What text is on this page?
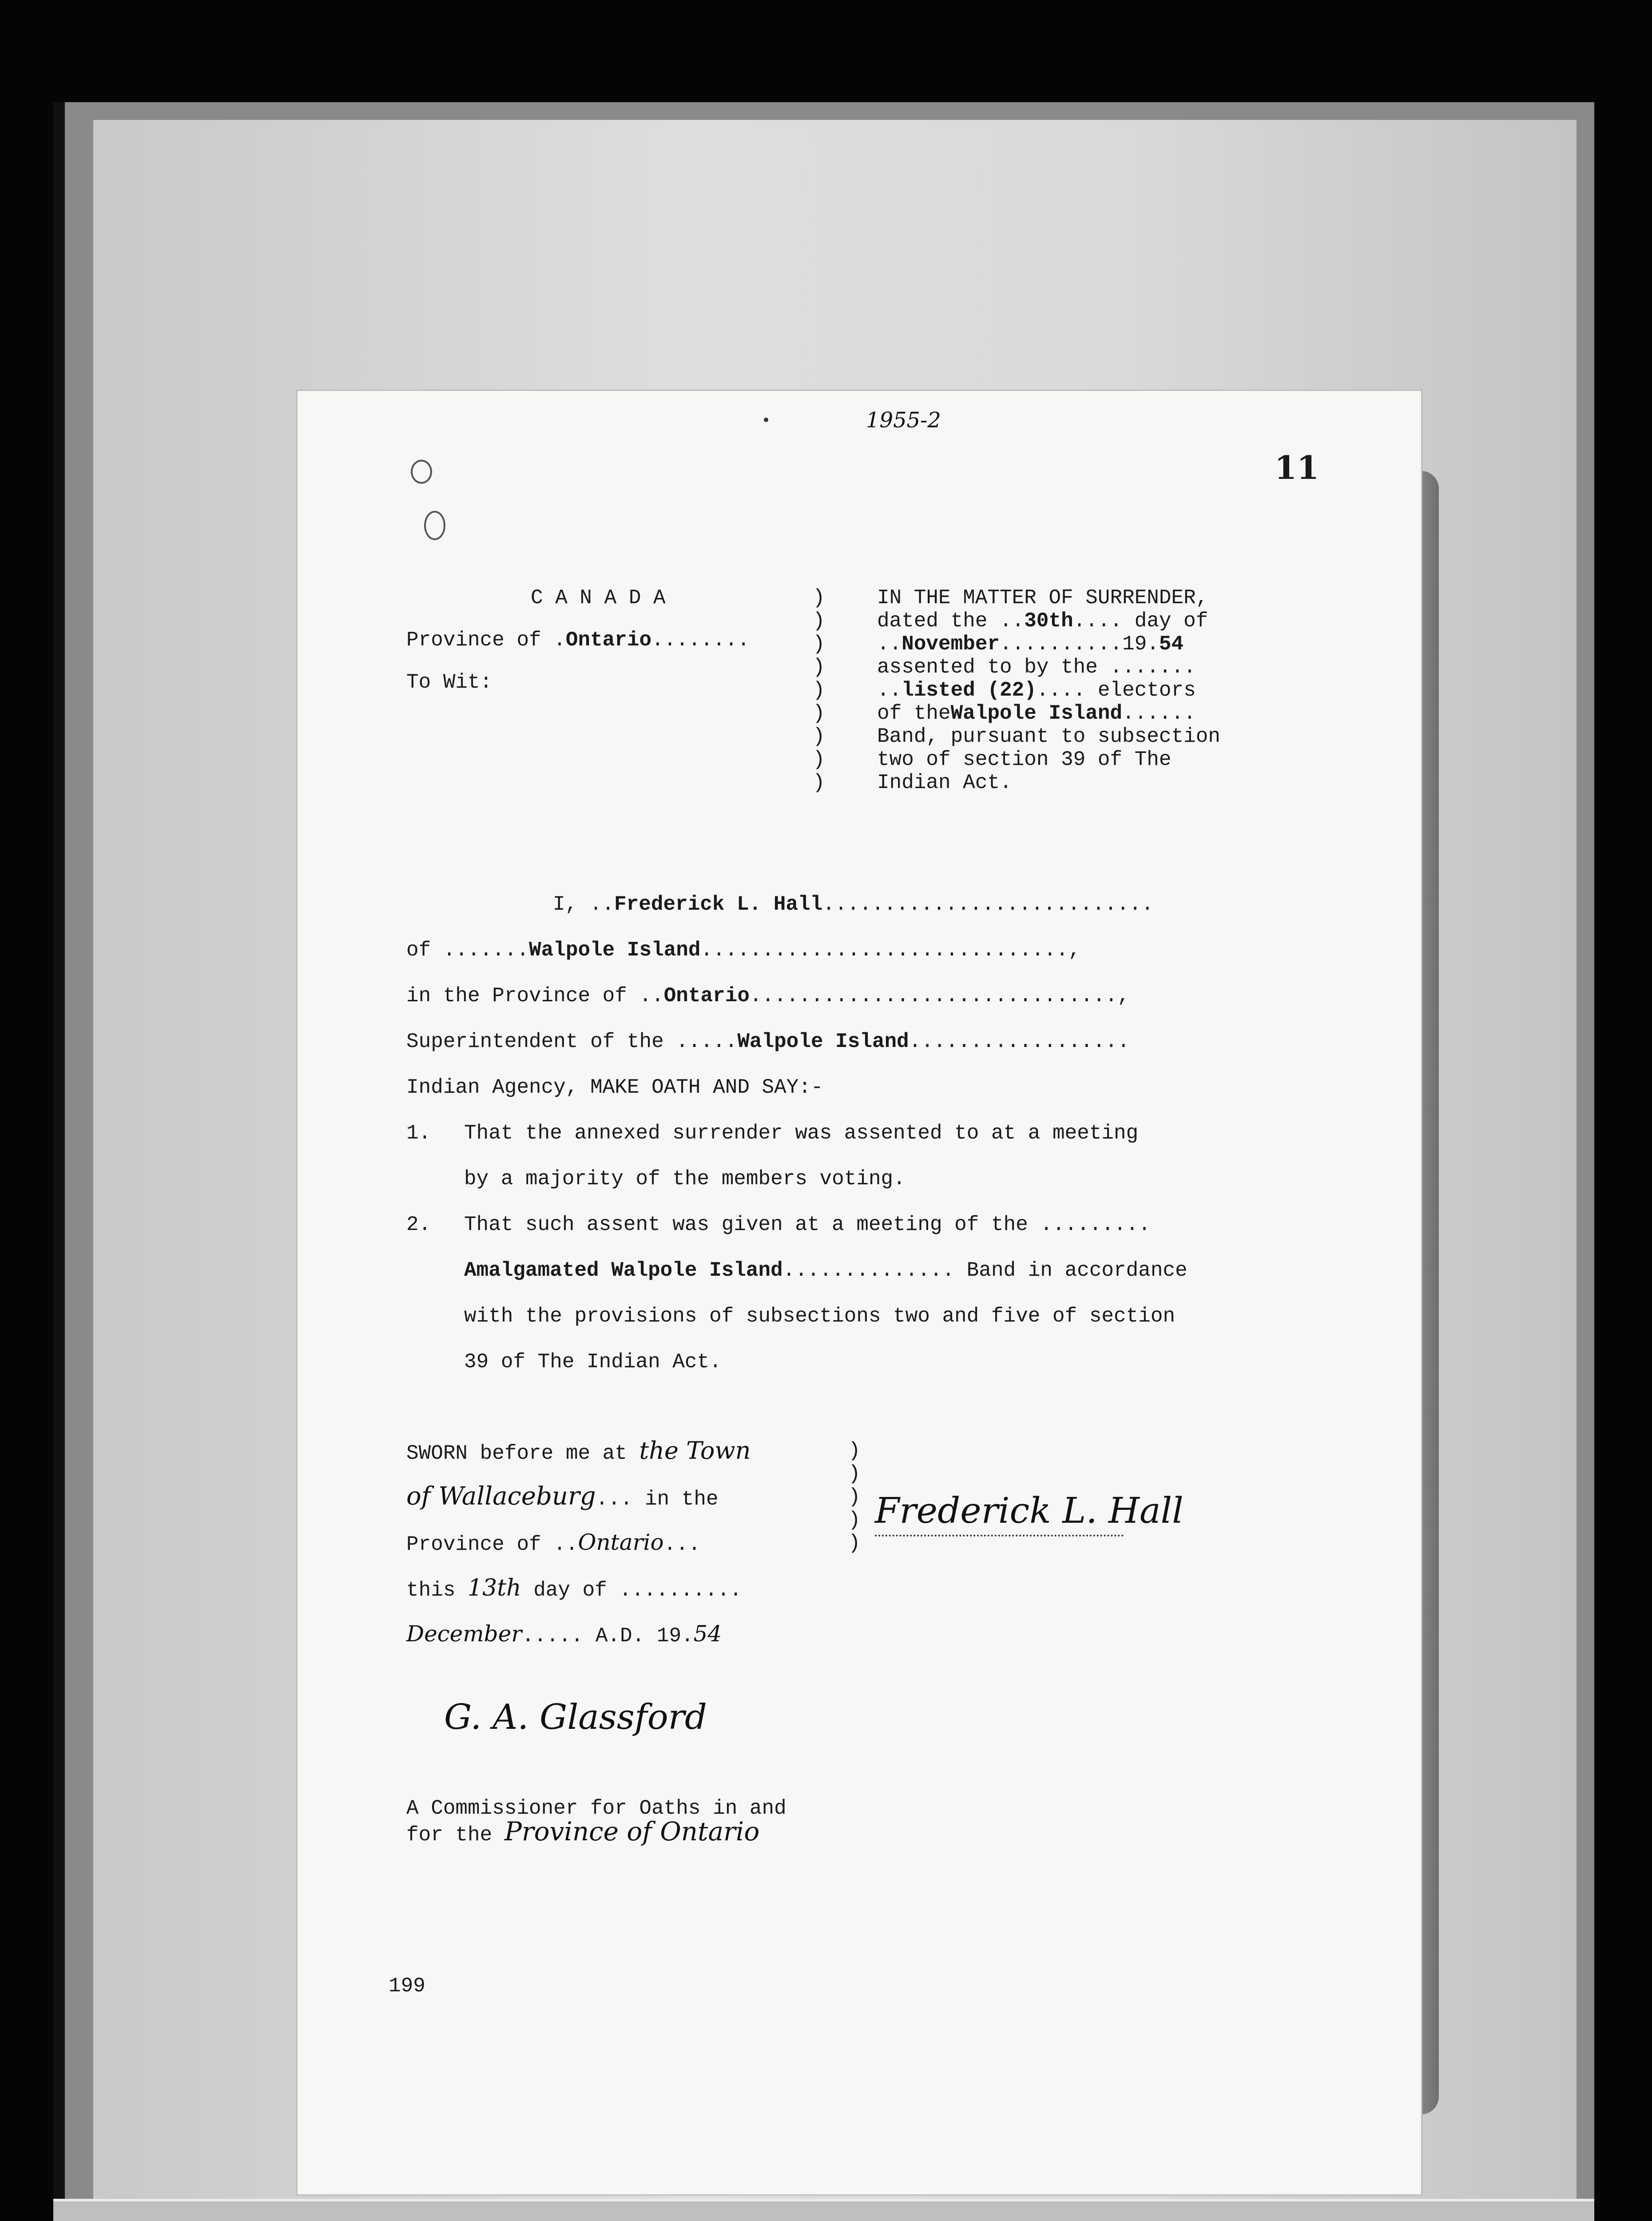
1955-2
11
C A N A D A
Province of .Ontario........
To Wit:
)
)
)
)
)
)
)
)
)
IN THE MATTER OF SURRENDER,
dated the ..30th.... day of
..November..........19.54
assented to by the .......
..listed (22).... electors
of theWalpole Island......
Band, pursuant to subsection
two of section 39 of The
Indian Act.
I, ..Frederick L. Hall...........................
of .......Walpole Island..............................,
in the Province of ..Ontario..............................,
Superintendent of the .....Walpole Island..................
Indian Agency, MAKE OATH AND SAY:-
1. That the annexed surrender was assented to at a meeting
by a majority of the members voting.
2. That such assent was given at a meeting of the .........
Amalgamated Walpole Island.............. Band in accordance
with the provisions of subsections two and five of section
39 of The Indian Act.
SWORN before me at the Town
of Wallaceburg... in the
Province of ..Ontario...
this 13th day of ..........
December..... A.D. 19.54
)
)
)
)
)
Frederick L. Hall
G. A. Glassford
A Commissioner for Oaths in and
for the Province of Ontario
199
